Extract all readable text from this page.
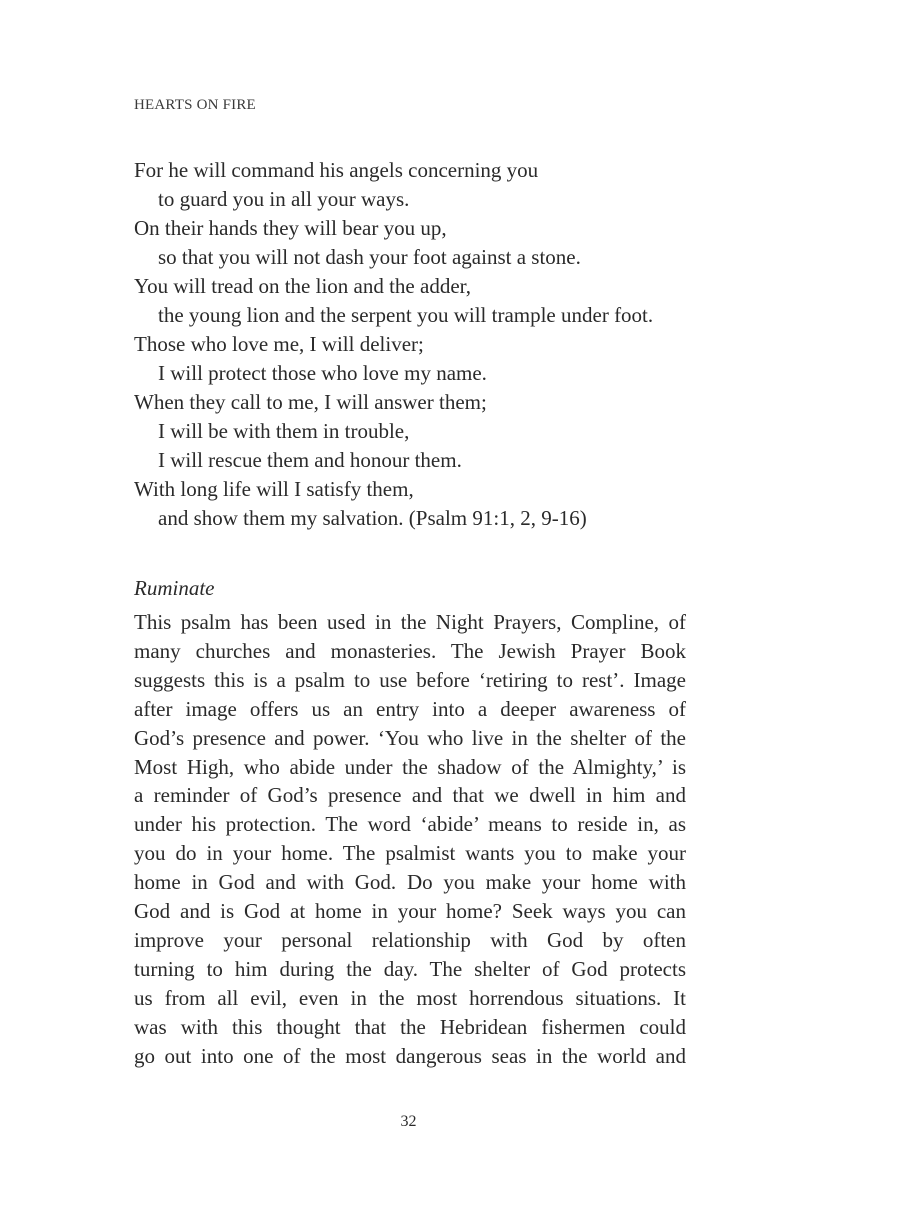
HEARTS ON FIRE
For he will command his angels concerning you
to guard you in all your ways.
On their hands they will bear you up,
so that you will not dash your foot against a stone.
You will tread on the lion and the adder,
the young lion and the serpent you will trample under foot.
Those who love me, I will deliver;
I will protect those who love my name.
When they call to me, I will answer them;
I will be with them in trouble,
I will rescue them and honour them.
With long life will I satisfy them,
and show them my salvation. (Psalm 91:1, 2, 9-16)
Ruminate
This psalm has been used in the Night Prayers, Compline, of
many churches and monasteries. The Jewish Prayer Book
suggests this is a psalm to use before ‘retiring to rest’. Image
after image offers us an entry into a deeper awareness of
God’s presence and power. ‘You who live in the shelter of the
Most High, who abide under the shadow of the Almighty,’ is
a reminder of God’s presence and that we dwell in him and
under his protection. The word ‘abide’ means to reside in, as
you do in your home. The psalmist wants you to make your
home in God and with God. Do you make your home with
God and is God at home in your home? Seek ways you can
improve your personal relationship with God by often
turning to him during the day. The shelter of God protects
us from all evil, even in the most horrendous situations. It
was with this thought that the Hebridean fishermen could
go out into one of the most dangerous seas in the world and
32
